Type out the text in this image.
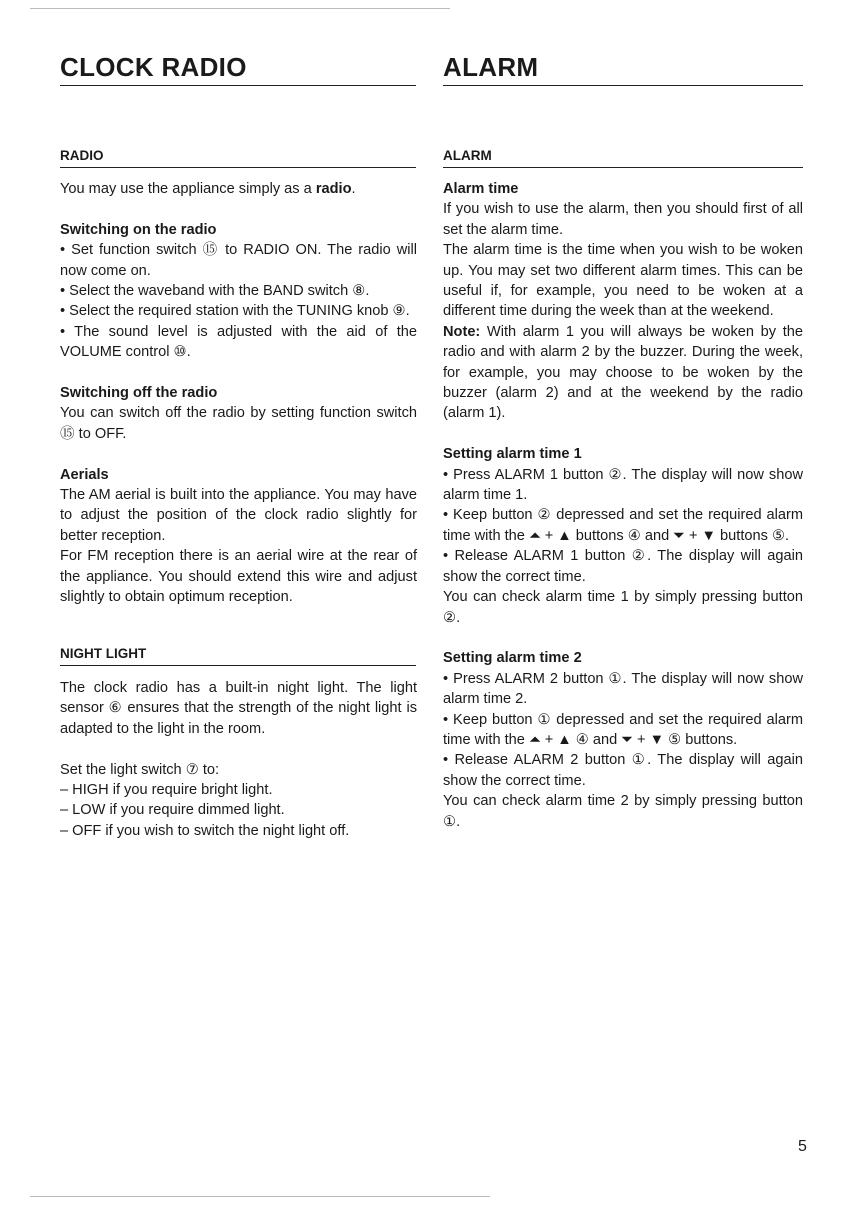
CLOCK RADIO	ALARM
RADIO	ALARM

You may use the appliance simply as a radio.

Switching on the radio

• Set function switch ⑮ to RADIO ON. The radio will now come on.

• Select the waveband with the BAND switch ⑧.

• Select the required station with the TUNING knob ⑨.

• The sound level is adjusted with the aid of the VOLUME control ⑩.

Switching off the radio

You can switch off the radio by setting function switch ⑮ to OFF.

Aerials

The AM aerial is built into the appliance. You may have to adjust the position of the clock radio slightly for better reception.

For FM reception there is an aerial wire at the rear of the appliance. You should extend this wire and adjust slightly to obtain optimum reception.

NIGHT LIGHT

The clock radio has a built-in night light. The light sensor ⑥ ensures that the strength of the night light is adapted to the light in the room.

Set the light switch ⑦ to:

– HIGH if you require bright light.

– LOW if you require dimmed light.

– OFF if you wish to switch the night light off.

Alarm time

If you wish to use the alarm, then you should first of all set the alarm time.

The alarm time is the time when you wish to be woken up. You may set two different alarm times. This can be useful if, for example, you need to be woken at a different time during the week than at the weekend.

Note: With alarm 1 you will always be woken by the radio and with alarm 2 by the buzzer. During the week, for example, you may choose to be woken by the buzzer (alarm 2) and at the weekend by the radio (alarm 1).

Setting alarm time 1

• Press ALARM 1 button ②. The display will now show alarm time 1.

• Keep button ② depressed and set the required alarm time with the ⏶ + ▲ buttons ④ and ⏷ + ▼ buttons ⑤.

• Release ALARM 1 button ②. The display will again show the correct time.

You can check alarm time 1 by simply pressing button ②.

Setting alarm time 2

• Press ALARM 2 button ①. The display will now show alarm time 2.

• Keep button ① depressed and set the required alarm time with the ⏶ + ▲ ④ and ⏷ + ▼ ⑤ buttons.

• Release ALARM 2 button ①. The display will again show the correct time.

You can check alarm time 2 by simply pressing button ①.

5
